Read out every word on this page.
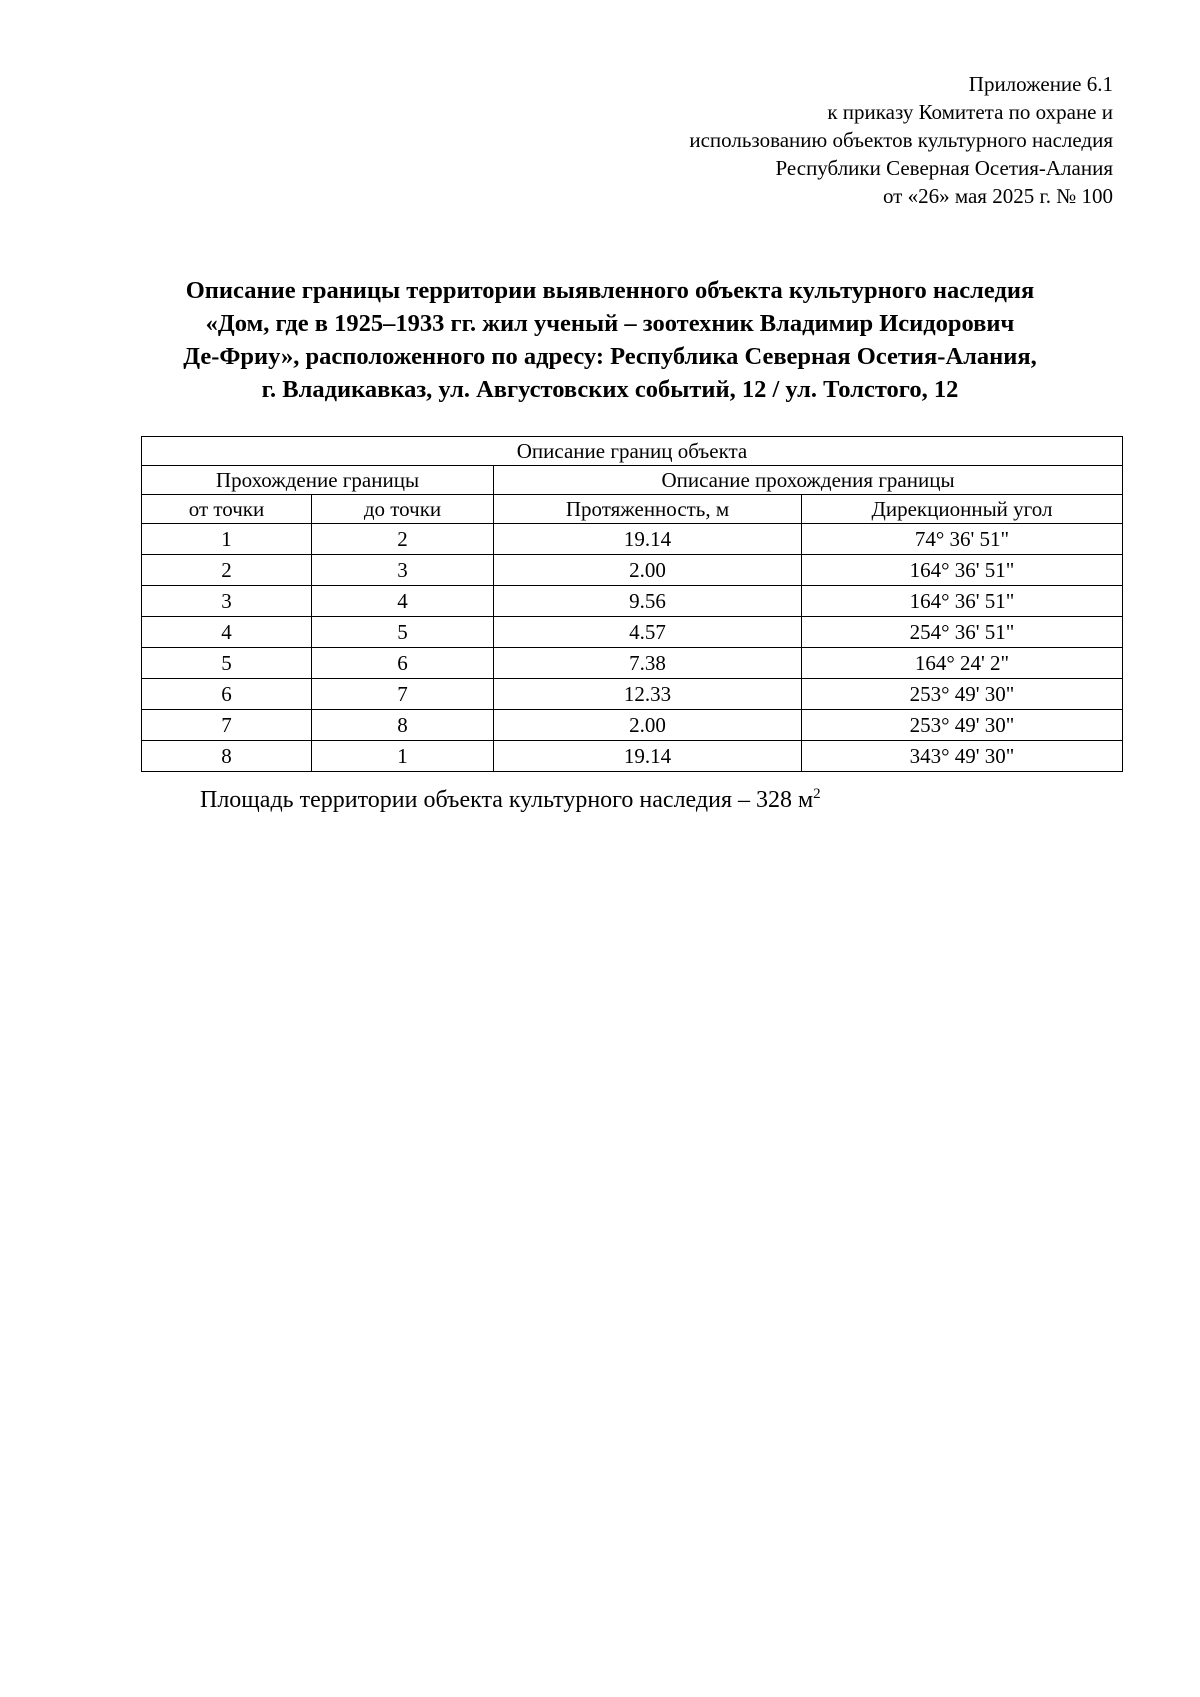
Приложение 6.1
к приказу Комитета по охране и
использованию объектов культурного наследия
Республики Северная Осетия-Алания
от «26» мая 2025 г. № 100
Описание границы территории выявленного объекта культурного наследия
«Дом, где в 1925–1933 гг. жил ученый – зоотехник Владимир Исидорович
Де-Фриу», расположенного по адресу: Республика Северная Осетия-Алания,
г. Владикавказ, ул. Августовских событий, 12 / ул. Толстого, 12
Описание границ объекта			
Прохождение границы		Описание прохождения границы	
от точки	до точки	Протяженность, м	Дирекционный угол
1	2	19.14	74° 36' 51"
2	3	2.00	164° 36' 51"
3	4	9.56	164° 36' 51"
4	5	4.57	254° 36' 51"
5	6	7.38	164° 24' 2"
6	7	12.33	253° 49' 30"
7	8	2.00	253° 49' 30"
8	1	19.14	343° 49' 30"
Площадь территории объекта культурного наследия – 328 $м^2$
